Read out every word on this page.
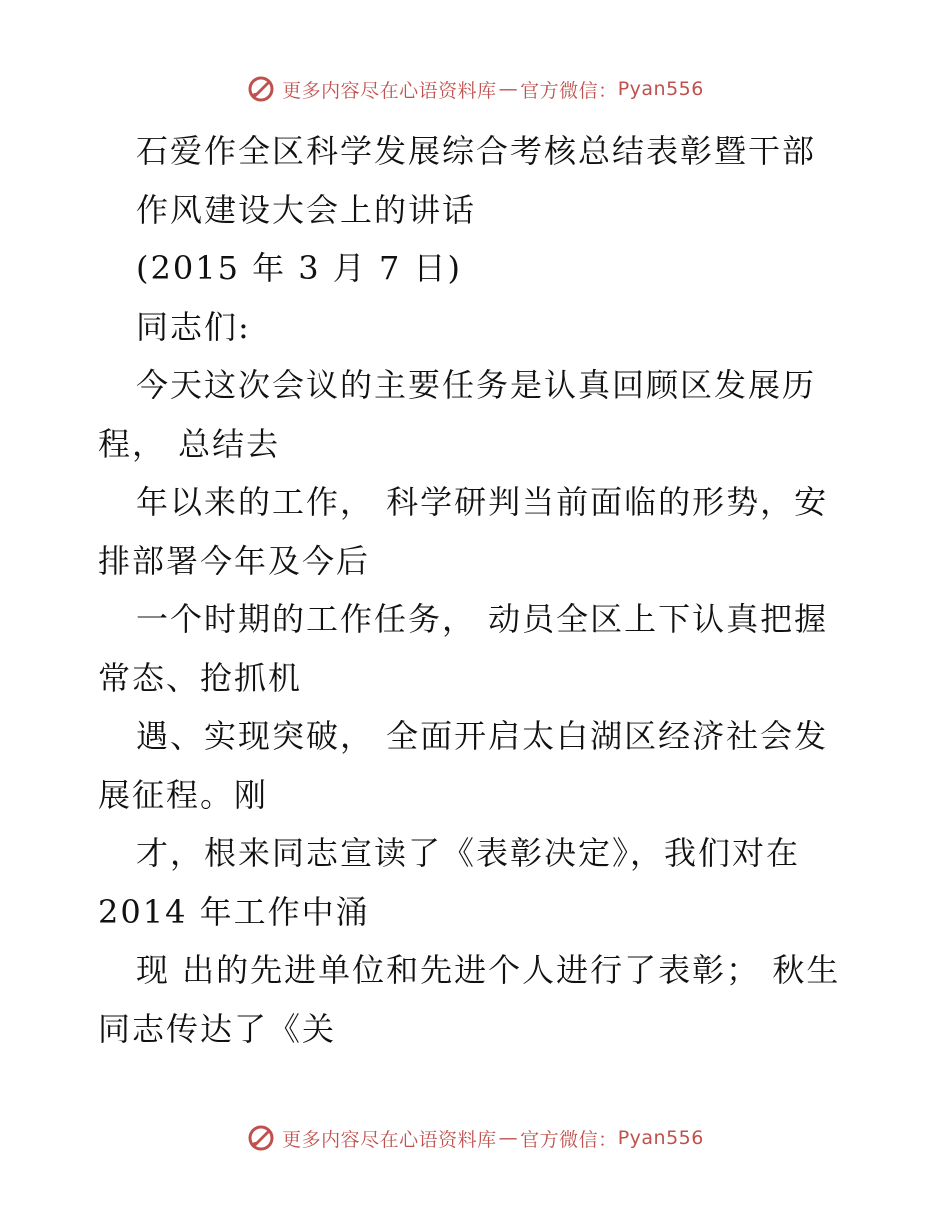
更多内容尽在心语资料库 — 官方微信： Pyan556
石爱作全区科学发展综合考核总结表彰暨干部
作风建设大会上的讲话
(2015 年 3 月 7 日)
同志们:
今天这次会议的主要任务是认真回顾区发展历
程， 总结去
年以来的工作， 科学研判当前面临的形势，安
排部署今年及今后
一个时期的工作任务， 动员全区上下认真把握
常态、抢抓机
遇、实现突破， 全面开启太白湖区经济社会发
展征程。刚
才，根来同志宣读了《表彰决定》，我们对在
2014 年工作中涌
现 出的先进单位和先进个人进行了表彰； 秋生
同志传达了《关
更多内容尽在心语资料库 — 官方微信： Pyan556
